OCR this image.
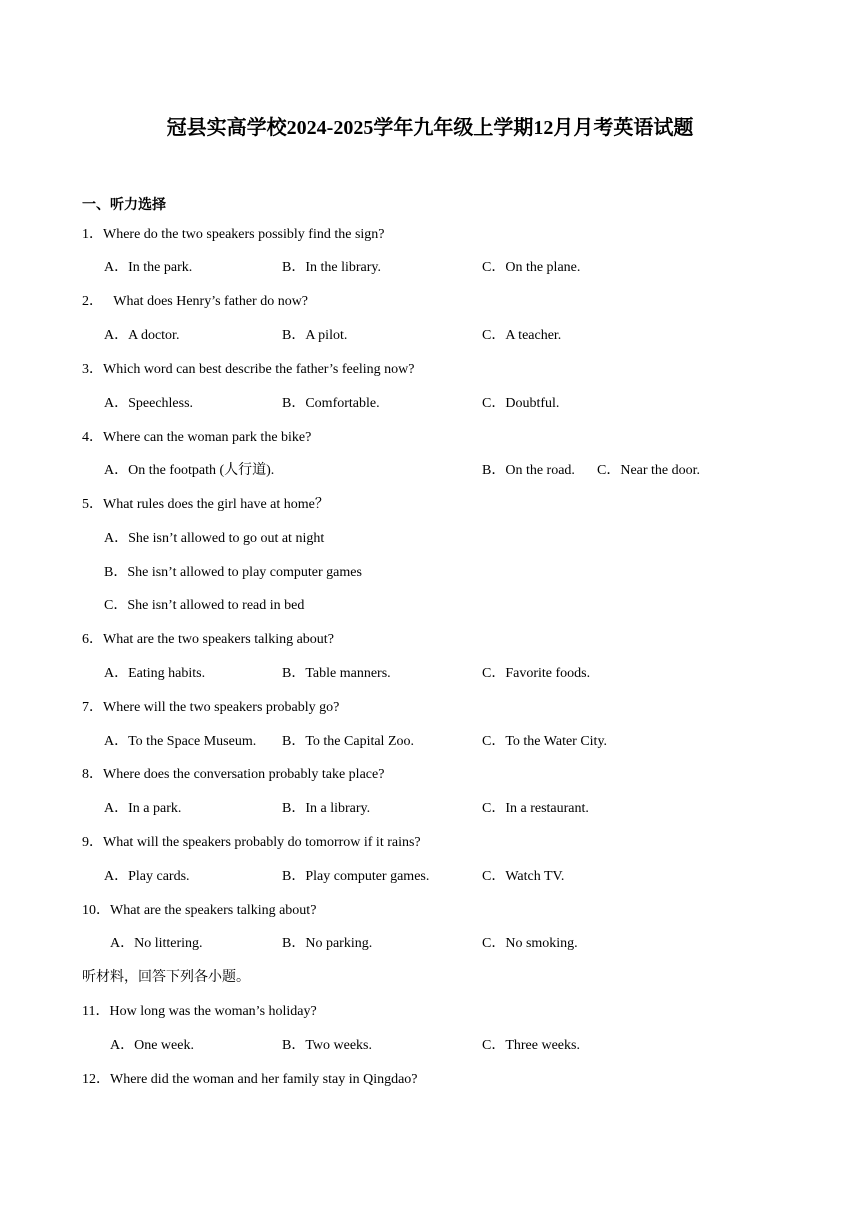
冠县实高学校2024-2025学年九年级上学期12月月考英语试题
一、听力选择
1．Where do the two speakers possibly find the sign?
A．In the park.	B．In the library.	C．On the plane.
2．   What does Henry’s father do now?
A．A doctor.	B．A pilot.	C．A teacher.
3．Which word can best describe the father’s feeling now?
A．Speechless.	B．Comfortable.	C．Doubtful.
4．Where can the woman park the bike?
A．On the footpath (人行道).	B．On the road. C．Near the door.
5．What rules does the girl have at home？
A．She isn’t allowed to go out at night
B．She isn’t allowed to play computer games
C．She isn’t allowed to read in bed
6．What are the two speakers talking about?
A．Eating habits.	B．Table manners.	C．Favorite foods.
7．Where will the two speakers probably go?
A．To the Space Museum. B．To the Capital Zoo.	C．To the Water City.
8．Where does the conversation probably take place?
A．In a park.	B．In a library.	C．In a restaurant.
9．What will the speakers probably do tomorrow if it rains?
A．Play cards.	B．Play computer games.	C．Watch TV.
10．What are the speakers talking about?
A．No littering.	B．No parking.	C．No smoking.
听材料，回答下列各小题。
11．How long was the woman’s holiday?
A．One week.	B．Two weeks.	C．Three weeks.
12．Where did the woman and her family stay in Qingdao?
